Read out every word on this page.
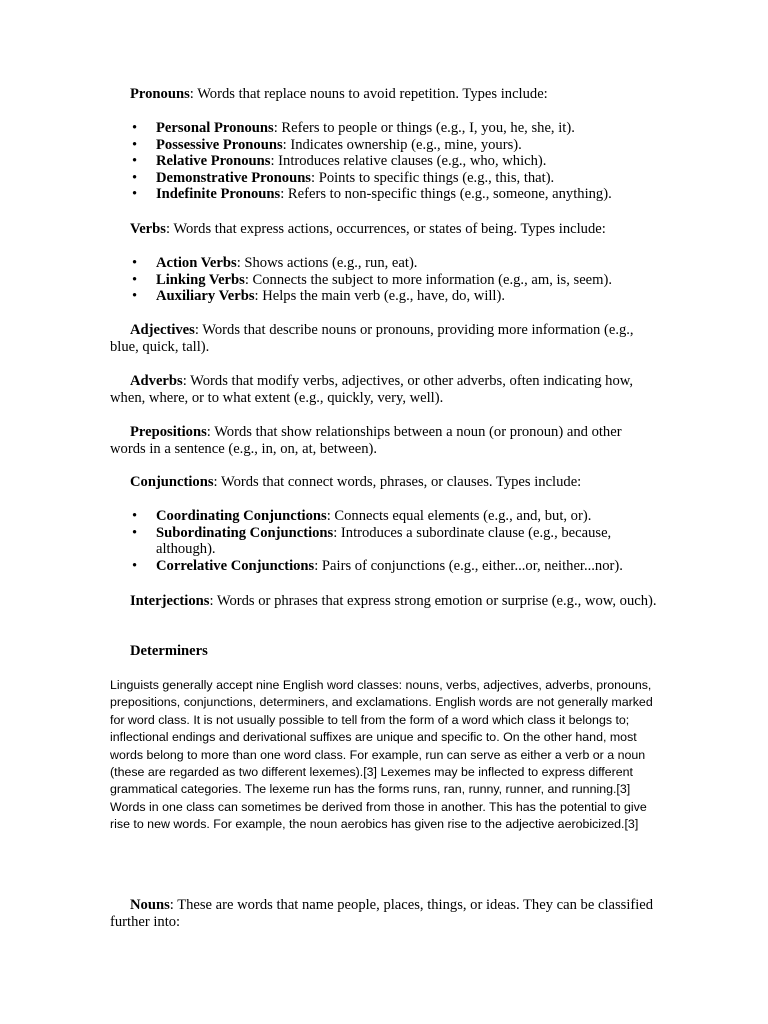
Pronouns: Words that replace nouns to avoid repetition. Types include:

• Personal Pronouns: Refers to people or things (e.g., I, you, he, she, it).
• Possessive Pronouns: Indicates ownership (e.g., mine, yours).
• Relative Pronouns: Introduces relative clauses (e.g., who, which).
• Demonstrative Pronouns: Points to specific things (e.g., this, that).
• Indefinite Pronouns: Refers to non-specific things (e.g., someone, anything).

Verbs: Words that express actions, occurrences, or states of being. Types include:

• Action Verbs: Shows actions (e.g., run, eat).
• Linking Verbs: Connects the subject to more information (e.g., am, is, seem).
• Auxiliary Verbs: Helps the main verb (e.g., have, do, will).

Adjectives: Words that describe nouns or pronouns, providing more information (e.g., blue, quick, tall).

Adverbs: Words that modify verbs, adjectives, or other adverbs, often indicating how, when, where, or to what extent (e.g., quickly, very, well).

Prepositions: Words that show relationships between a noun (or pronoun) and other words in a sentence (e.g., in, on, at, between).

Conjunctions: Words that connect words, phrases, or clauses. Types include:

• Coordinating Conjunctions: Connects equal elements (e.g., and, but, or).
• Subordinating Conjunctions: Introduces a subordinate clause (e.g., because, although).
• Correlative Conjunctions: Pairs of conjunctions (e.g., either...or, neither...nor).

Interjections: Words or phrases that express strong emotion or surprise (e.g., wow, ouch).

Determiners

Linguists generally accept nine English word classes: nouns, verbs, adjectives, adverbs, pronouns, prepositions, conjunctions, determiners, and exclamations. English words are not generally marked for word class. It is not usually possible to tell from the form of a word which class it belongs to; inflectional endings and derivational suffixes are unique and specific to. On the other hand, most words belong to more than one word class. For example, run can serve as either a verb or a noun (these are regarded as two different lexemes).[3] Lexemes may be inflected to express different grammatical categories. The lexeme run has the forms runs, ran, runny, runner, and running.[3] Words in one class can sometimes be derived from those in another. This has the potential to give rise to new words. For example, the noun aerobics has given rise to the adjective aerobicized.[3]

Nouns: These are words that name people, places, things, or ideas. They can be classified further into:
